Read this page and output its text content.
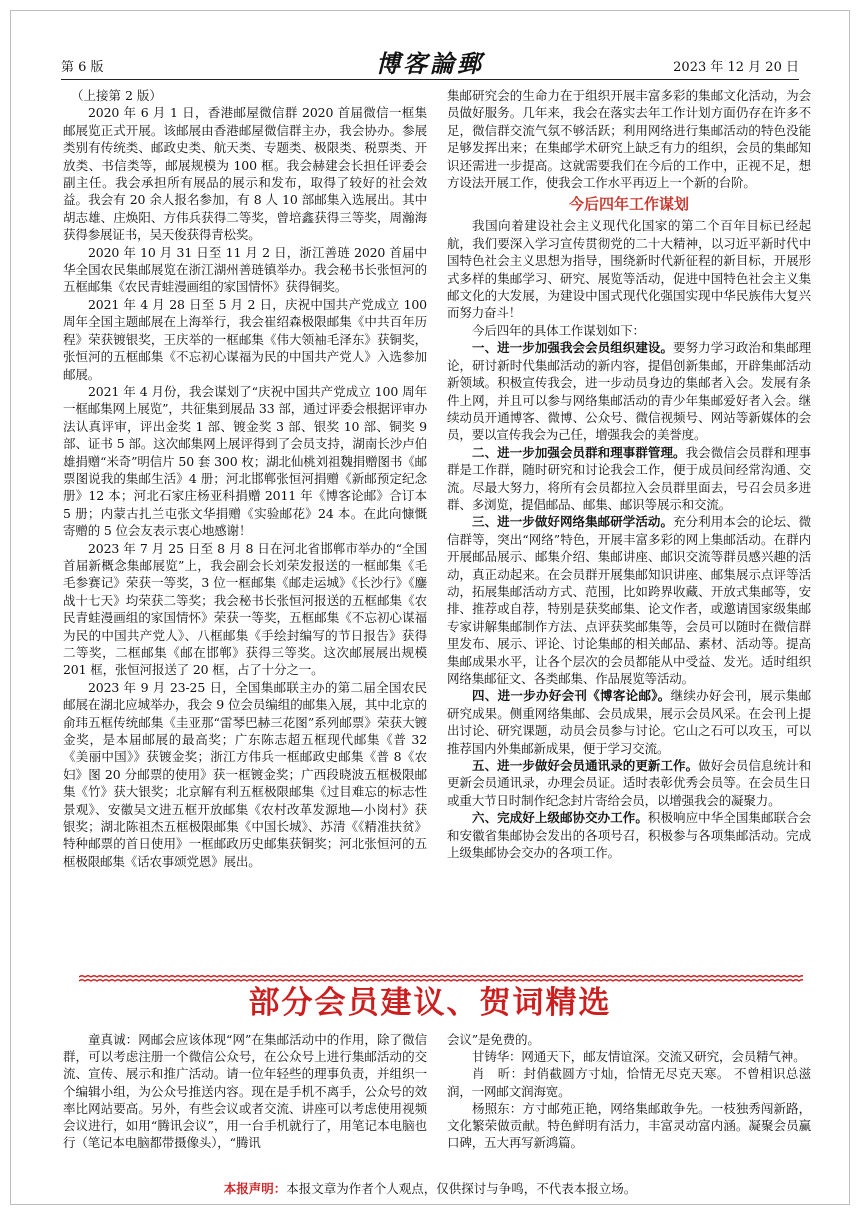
第 6 版	博客論郵	2023 年 12 月 20 日
（上接第 2 版）

2020 年 6 月 1 日，香港邮屋微信群 2020 首届微信一框集邮展览正式开展。该邮展由香港邮屋微信群主办，我会协办。参展类别有传统类、邮政史类、航天类、专题类、极限类、税票类、开放类、书信类等，邮展规模为 100 框。我会赫建会长担任评委会副主任。我会承担所有展品的展示和发布，取得了较好的社会效益。我会有 20 余人报名参加，有 8 人 10 部邮集入选展出。其中胡志雄、庄焕阳、方伟兵获得二等奖，曾培鑫获得三等奖，周瀚海获得参展证书，吴天俊获得青松奖。

2020 年 10 月 31 日至 11 月 2 日，浙江善琏 2020 首届中华全国农民集邮展览在浙江湖州善琏镇举办。我会秘书长张恒河的五框邮集《农民青蛙漫画组的家国情怀》获得铜奖。

2021 年 4 月 28 日至 5 月 2 日，庆祝中国共产党成立 100 周年全国主题邮展在上海举行，我会崔绍森极限邮集《中共百年历程》荣获镀银奖，王庆举的一框邮集《伟大领袖毛泽东》获铜奖，张恒河的五框邮集《不忘初心谋福为民的中国共产党人》入选参加邮展。

2021 年 4 月份，我会谋划了“庆祝中国共产党成立 100 周年一框邮集网上展览”，共征集到展品 33 部，通过评委会根据评审办法认真评审，评出金奖 1 部、镀金奖 3 部、银奖 10 部、铜奖 9 部、证书 5 部。这次邮集网上展评得到了会员支持，湖南长沙卢伯雄捐赠“米奇”明信片 50 套 300 枚；湖北仙桃刘祖魏捐赠图书《邮票图说我的集邮生活》4 册；河北邯郸张恒河捐赠《新邮预定纪念册》12 本；河北石家庄杨亚科捐赠 2011 年《博客论邮》合订本 5 册；内蒙古扎兰屯张文华捐赠《实验邮花》24 本。在此向慷慨寄赠的 5 位会友表示衷心地感谢！

2023 年 7 月 25 日至 8 月 8 日在河北省邯郸市举办的“全国首届新概念集邮展览”上，我会副会长刘荣发报送的一框邮集《毛毛参赛记》荣获一等奖，3 位一框邮集《邮走运城》《长沙行》《鏖战十七天》均荣获二等奖；我会秘书长张恒河报送的五框邮集《农民青蛙漫画组的家国情怀》荣获一等奖，五框邮集《不忘初心谋福为民的中国共产党人》、八框邮集《手绘封编写的节日报告》获得二等奖，二框邮集《邮在邯郸》获得三等奖。这次邮展展出规模 201 框，张恒河报送了 20 框，占了十分之一。

2023 年 9 月 23-25 日，全国集邮联主办的第二届全国农民邮展在湖北应城举办，我会 9 位会员编组的邮集入展，其中北京的俞玮五框传统邮集《圭亚那“雷琴巴赫三花图”系列邮票》荣获大镀金奖，是本届邮展的最高奖；广东陈志超五框现代邮集《普 32《美丽中国》》获镀金奖；浙江方伟兵一框邮政史邮集《普 8《农妇》图 20 分邮票的使用》获一框镀金奖；广西段晓波五框极限邮集《竹》获大银奖；北京解有利五框极限邮集《过目难忘的标志性景观》、安徽吴文进五框开放邮集《农村改革发源地—小岗村》获银奖；湖北陈祖杰五框极限邮集《中国长城》、苏清《《精准扶贫》特种邮票的首日使用》一框邮政历史邮集获铜奖；河北张恒河的五框极限邮集《话农事颂党恩》展出。

集邮研究会的生命力在于组织开展丰富多彩的集邮文化活动，为会员做好服务。几年来，我会在落实去年工作计划方面仍存在许多不足，微信群交流气氛不够活跃；利用网络进行集邮活动的特色没能足够发挥出来；在集邮学术研究上缺乏有力的组织，会员的集邮知识还需进一步提高。这就需要我们在今后的工作中，正视不足，想方设法开展工作，使我会工作水平再迈上一个新的台阶。

今后四年工作谋划

我国向着建设社会主义现代化国家的第二个百年目标已经起航，我们要深入学习宣传贯彻党的二十大精神，以习近平新时代中国特色社会主义思想为指导，围绕新时代新征程的新目标，开展形式多样的集邮学习、研究、展览等活动，促进中国特色社会主义集邮文化的大发展，为建设中国式现代化强国实现中华民族伟大复兴而努力奋斗！

今后四年的具体工作谋划如下：

一、进一步加强我会会员组织建设。要努力学习政治和集邮理论，研讨新时代集邮活动的新内容，提倡创新集邮，开辟集邮活动新领域。积极宣传我会，进一步动员身边的集邮者入会。发展有条件上网，并且可以参与网络集邮活动的青少年集邮爱好者入会。继续动员开通博客、微博、公众号、微信视频号、网站等新媒体的会员，要以宣传我会为己任，增强我会的美誉度。

二、进一步加强会员群和理事群管理。我会微信会员群和理事群是工作群，随时研究和讨论我会工作，便于成员间经常沟通、交流。尽最大努力，将所有会员都拉入会员群里面去，号召会员多进群、多浏览，提倡邮品、邮集、邮识等展示和交流。

三、进一步做好网络集邮研学活动。充分利用本会的论坛、微信群等，突出“网络”特色，开展丰富多彩的网上集邮活动。在群内开展邮品展示、邮集介绍、集邮讲座、邮识交流等群员感兴趣的活动，真正动起来。在会员群开展集邮知识讲座、邮集展示点评等活动，拓展集邮活动方式、范围，比如跨界收藏、开放式集邮等，安排、推荐或自荐，特别是获奖邮集、论文作者，或邀请国家级集邮专家讲解集邮制作方法、点评获奖邮集等，会员可以随时在微信群里发布、展示、评论、讨论集邮的相关邮品、素材、活动等。提高集邮成果水平，让各个层次的会员都能从中受益、发光。适时组织网络集邮征文、各类邮集、作品展览等活动。

四、进一步办好会刊《博客论邮》。继续办好会刊，展示集邮研究成果。侧重网络集邮、会员成果，展示会员风采。在会刊上提出讨论、研究课题，动员会员参与讨论。它山之石可以攻玉，可以推荐国内外集邮新成果，便于学习交流。

五、进一步做好会员通讯录的更新工作。做好会员信息统计和更新会员通讯录，办理会员证。适时表彰优秀会员等。在会员生日或重大节日时制作纪念封片寄给会员，以增强我会的凝聚力。

六、完成好上级邮协交办工作。积极响应中华全国集邮联合会和安徽省集邮协会发出的各项号召，积极参与各项集邮活动。完成上级集邮协会交办的各项工作。

部分会员建议、贺词精选

童真诚：网邮会应该体现“网”在集邮活动中的作用，除了微信群，可以考虑注册一个微信公众号，在公众号上进行集邮活动的交流、宣传、展示和推广活动。请一位年轻些的理事负责，并组织一个编辑小组，为公众号推送内容。现在是手机不离手，公众号的效率比网站要高。另外，有些会议或者交流、讲座可以考虑使用视频会议进行，如用“腾讯会议”，用一台手机就行了，用笔记本电脑也行（笔记本电脑都带摄像头），“腾讯

会议”是免费的。

甘铸华：网通天下，邮友情谊深。交流又研究，会员精气神。

肖　昕：封俏截圆方寸灿，恰情无尽克天寒。 不曾相识总滋润，一网邮文润海宽。

杨照东：方寸邮苑正艳，网络集邮敢争先。一枝独秀闯新路，文化繁荣做贡献。特色鲜明有活力，丰富灵动富内涵。凝聚会员赢口碑，五大再写新鸿篇。

本报声明：本报文章为作者个人观点，仅供探讨与争鸣，不代表本报立场。
